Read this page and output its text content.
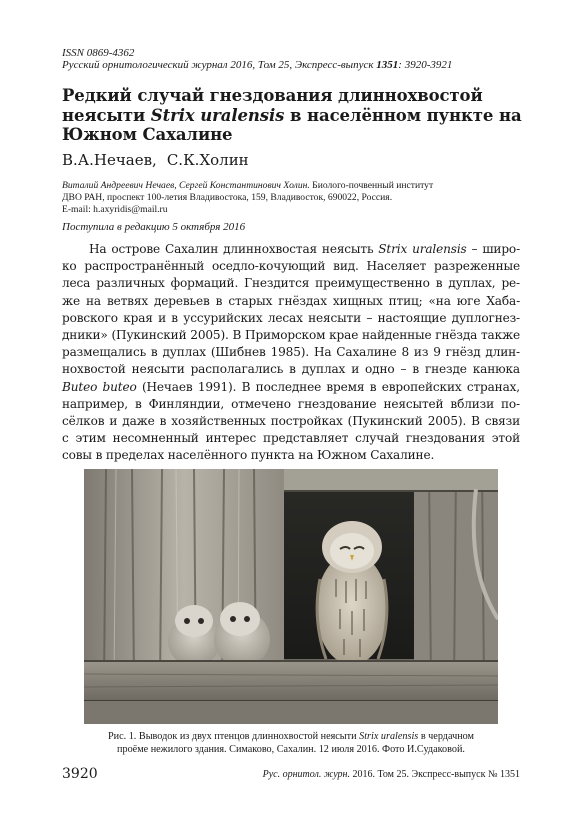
ISSN 0869-4362
Русский орнитологический журнал 2016, Том 25, Экспресс-выпуск 1351: 3920-3921
Редкий случай гнездования длиннохвостой неясыти Strix uralensis в населённом пункте на Южном Сахалине
В.А.Нечаев, С.К.Холин
Виталий Андреевич Нечаев, Сергей Константинович Холин. Биолого-почвенный институт
ДВО РАН, проспект 100-летия Владивостока, 159, Владивосток, 690022, Россия.
E-mail: h.axyridis@mail.ru
Поступила в редакцию 5 октября 2016
На острове Сахалин длиннохвостая неясыть Strix uralensis – широ-
ко распространённый оседло-кочующий вид. Населяет разреженные
леса различных формаций. Гнездится преимущественно в дуплах, ре-
же на ветвях деревьев в старых гнёздах хищных птиц; «на юге Хаба-
ровского края и в уссурийских лесах неясыти – настоящие дуплогнез-
дники» (Пукинский 2005). В Приморском крае найденные гнёзда также
размещались в дуплах (Шибнев 1985). На Сахалине 8 из 9 гнёзд длин-
нохвостой неясыти располагались в дуплах и одно – в гнезде канюка
Buteo buteo (Нечаев 1991). В последнее время в европейских странах,
например, в Финляндии, отмечено гнездование неясытей вблизи по-
сёлков и даже в хозяйственных постройках (Пукинский 2005). В связи
с этим несомненный интерес представляет случай гнездования этой
совы в пределах населённого пункта на Южном Сахалине.
Рис. 1. Выводок из двух птенцов длиннохвостой неясыти Strix uralensis в чердачном
проёме нежилого здания. Симаково, Сахалин. 12 июля 2016. Фото И.Судаковой.
3920	Рус. орнитол. журн. 2016. Том 25. Экспресс-выпуск № 1351
